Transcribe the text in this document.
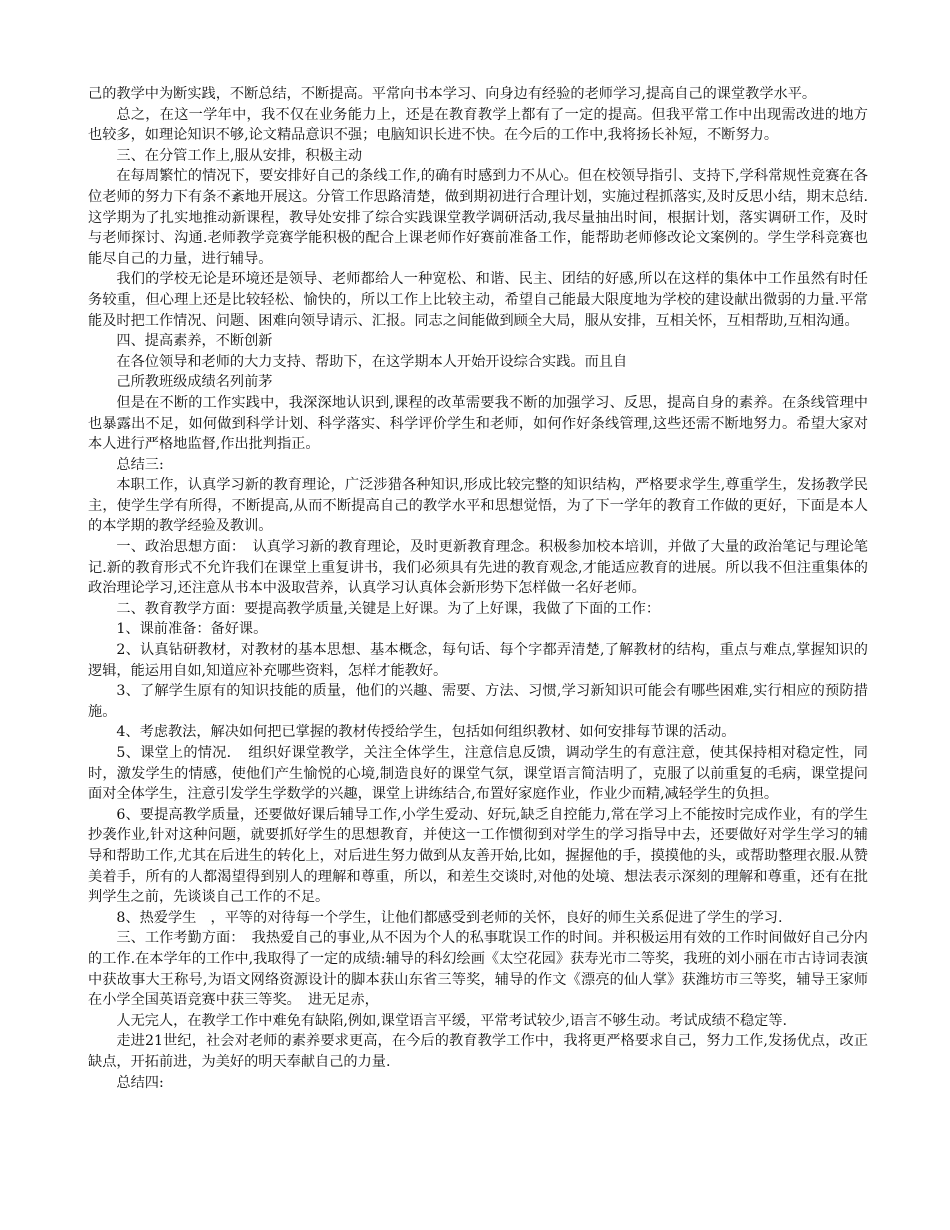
己的教学中为断实践，不断总结，不断提高。平常向书本学习、向身边有经验的老师学习,提高自己的课堂教学水平。

总之，在这一学年中，我不仅在业务能力上，还是在教育教学上都有了一定的提高。但我平常工作中出现需改进的地方也较多，如理论知识不够,论文精品意识不强；电脑知识长进不快。在今后的工作中,我将扬长补短，不断努力。

三、在分管工作上,服从安排，积极主动

在每周繁忙的情况下，要安排好自己的条线工作,的确有时感到力不从心。但在校领导指引、支持下,学科常规性竞赛在各位老师的努力下有条不紊地开展这。分管工作思路清楚，做到期初进行合理计划，实施过程抓落实,及时反思小结，期末总结.这学期为了扎实地推动新课程，教导处安排了综合实践课堂教学调研活动,我尽量抽出时间，根据计划，落实调研工作，及时与老师探讨、沟通.老师教学竞赛学能积极的配合上课老师作好赛前准备工作，能帮助老师修改论文案例的。学生学科竞赛也能尽自己的力量，进行辅导。

我们的学校无论是环境还是领导、老师都给人一种宽松、和谐、民主、团结的好感,所以在这样的集体中工作虽然有时任务较重，但心理上还是比较轻松、愉快的，所以工作上比较主动，希望自己能最大限度地为学校的建设献出微弱的力量.平常能及时把工作情况、问题、困难向领导请示、汇报。同志之间能做到顾全大局，服从安排，互相关怀，互相帮助,互相沟通。

四、提高素养，不断创新

在各位领导和老师的大力支持、帮助下，在这学期本人开始开设综合实践。而且自

己所教班级成绩名列前茅

但是在不断的工作实践中，我深深地认识到,课程的改革需要我不断的加强学习、反思，提高自身的素养。在条线管理中也暴露出不足，如何做到科学计划、科学落实、科学评价学生和老师，如何作好条线管理,这些还需不断地努力。希望大家对本人进行严格地监督,作出批判指正。

总结三:

本职工作，认真学习新的教育理论，广泛涉猎各种知识,形成比较完整的知识结构，严格要求学生,尊重学生，发扬教学民主，使学生学有所得，不断提高,从而不断提高自己的教学水平和思想觉悟，为了下一学年的教育工作做的更好，下面是本人的本学期的教学经验及教训。

一、政治思想方面：　认真学习新的教育理论，及时更新教育理念。积极参加校本培训，并做了大量的政治笔记与理论笔记.新的教育形式不允许我们在课堂上重复讲书，我们必须具有先进的教育观念,才能适应教育的进展。所以我不但注重集体的政治理论学习,还注意从书本中汲取营养，认真学习认真体会新形势下怎样做一名好老师。

二、教育教学方面：要提高教学质量,关键是上好课。为了上好课，我做了下面的工作：

1、课前准备：备好课。

2、认真钻研教材，对教材的基本思想、基本概念，每句话、每个字都弄清楚,了解教材的结构，重点与难点,掌握知识的逻辑，能运用自如,知道应补充哪些资料，怎样才能教好。

3、了解学生原有的知识技能的质量，他们的兴趣、需要、方法、习惯,学习新知识可能会有哪些困难,实行相应的预防措施。

4、考虑教法，解决如何把已掌握的教材传授给学生，包括如何组织教材、如何安排每节课的活动。

5、课堂上的情况．　组织好课堂教学，关注全体学生，注意信息反馈，调动学生的有意注意，使其保持相对稳定性，同时，激发学生的情感，使他们产生愉悦的心境,制造良好的课堂气氛，课堂语言简洁明了，克服了以前重复的毛病，课堂提问面对全体学生，注意引发学生学数学的兴趣，课堂上讲练结合,布置好家庭作业，作业少而精,减轻学生的负担。

6、要提高教学质量，还要做好课后辅导工作,小学生爱动、好玩,缺乏自控能力,常在学习上不能按时完成作业，有的学生抄袭作业,针对这种问题，就要抓好学生的思想教育，并使这一工作惯彻到对学生的学习指导中去，还要做好对学生学习的辅导和帮助工作,尤其在后进生的转化上，对后进生努力做到从友善开始,比如，握握他的手，摸摸他的头，或帮助整理衣服.从赞美着手，所有的人都渴望得到别人的理解和尊重，所以，和差生交谈时,对他的处境、想法表示深刻的理解和尊重，还有在批判学生之前，先谈谈自己工作的不足。

8、热爱学生　，平等的对待每一个学生，让他们都感受到老师的关怀，良好的师生关系促进了学生的学习.

三、工作考勤方面：　我热爱自己的事业,从不因为个人的私事耽误工作的时间。并积极运用有效的工作时间做好自己分内的工作.在本学年的工作中,我取得了一定的成绩:辅导的科幻绘画《太空花园》获寿光市二等奖，我班的刘小丽在市古诗词表演中获故事大王称号,为语文网络资源设计的脚本获山东省三等奖，辅导的作文《漂亮的仙人掌》获潍坊市三等奖，辅导王家师在小学全国英语竞赛中获三等奖。　进无足赤，

人无完人，在教学工作中难免有缺陷,例如,课堂语言平缓，平常考试较少,语言不够生动。考试成绩不稳定等.

走进21世纪，社会对老师的素养要求更高，在今后的教育教学工作中，我将更严格要求自己，努力工作,发扬优点，改正缺点，开拓前进，为美好的明天奉献自己的力量.

总结四:
